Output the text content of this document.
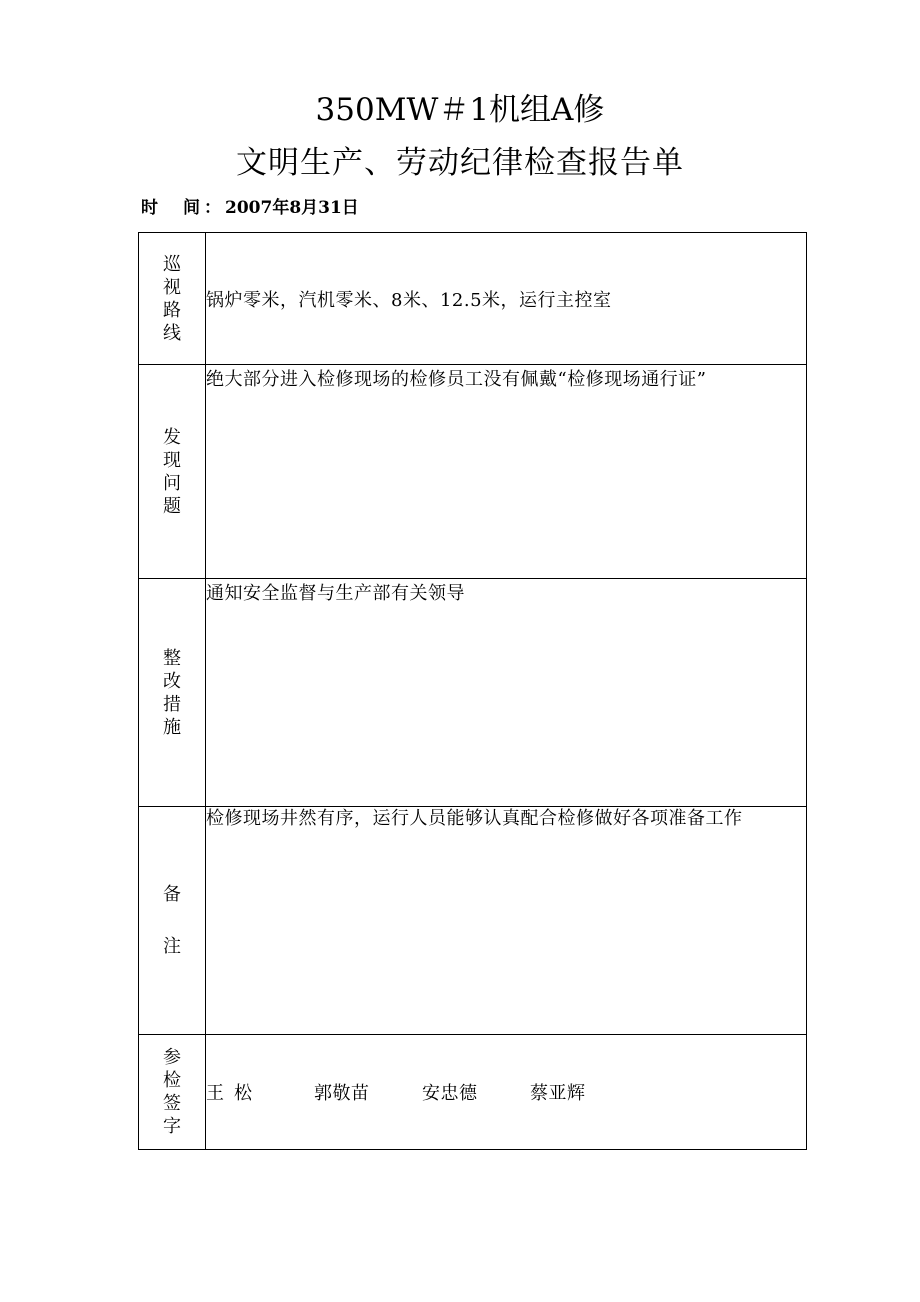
350MW＃1机组A修
文明生产、劳动纪律检查报告单
时　间：2007年8月31日
巡视路线	锅炉零米，汽机零米、8米、12.5米，运行主控室
发现问题	绝大部分进入检修现场的检修员工没有佩戴“检修现场通行证”
整改措施	通知安全监督与生产部有关领导
备注	检修现场井然有序，运行人员能够认真配合检修做好各项准备工作

参检签字	王松 郭敬苗 安忠德 蔡亚辉
